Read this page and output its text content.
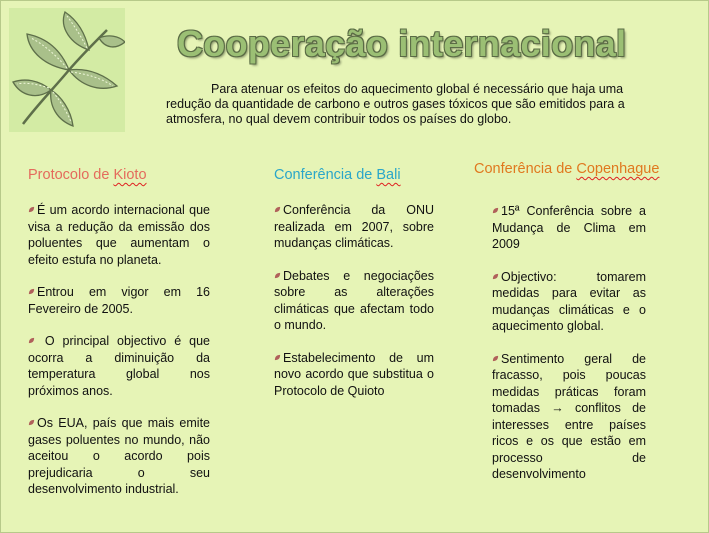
Cooperação internacional
Para atenuar os efeitos do aquecimento global é necessário que haja uma redução da quantidade de carbono e outros gases tóxicos que são emitidos para a atmosfera, no qual devem contribuir todos os países do globo.
Protocolo de Kioto	Conferência de Bali	Conferência de Copenhague

É um acordo internacional que visa a redução da emissão dos poluentes que aumentam o efeito estufa no planeta.

Entrou em vigor em 16 Fevereiro de 2005.

O principal objectivo é que ocorra a diminuição da temperatura global nos próximos anos.

Os EUA, país que mais emite gases poluentes no mundo, não aceitou o acordo pois prejudicaria o seu desenvolvimento industrial.

Conferência da ONU realizada em 2007, sobre mudanças climáticas.

Debates e negociações sobre as alterações climáticas que afectam todo o mundo.

Estabelecimento de um novo acordo que substitua o Protocolo de Quioto

15ª Conferência sobre a Mudança de Clima em 2009

Objectivo: tomarem medidas para evitar as mudanças climáticas e o aquecimento global.

Sentimento geral de fracasso, pois poucas medidas práticas foram tomadas → conflitos de interesses entre países ricos e os que estão em processo de desenvolvimento
